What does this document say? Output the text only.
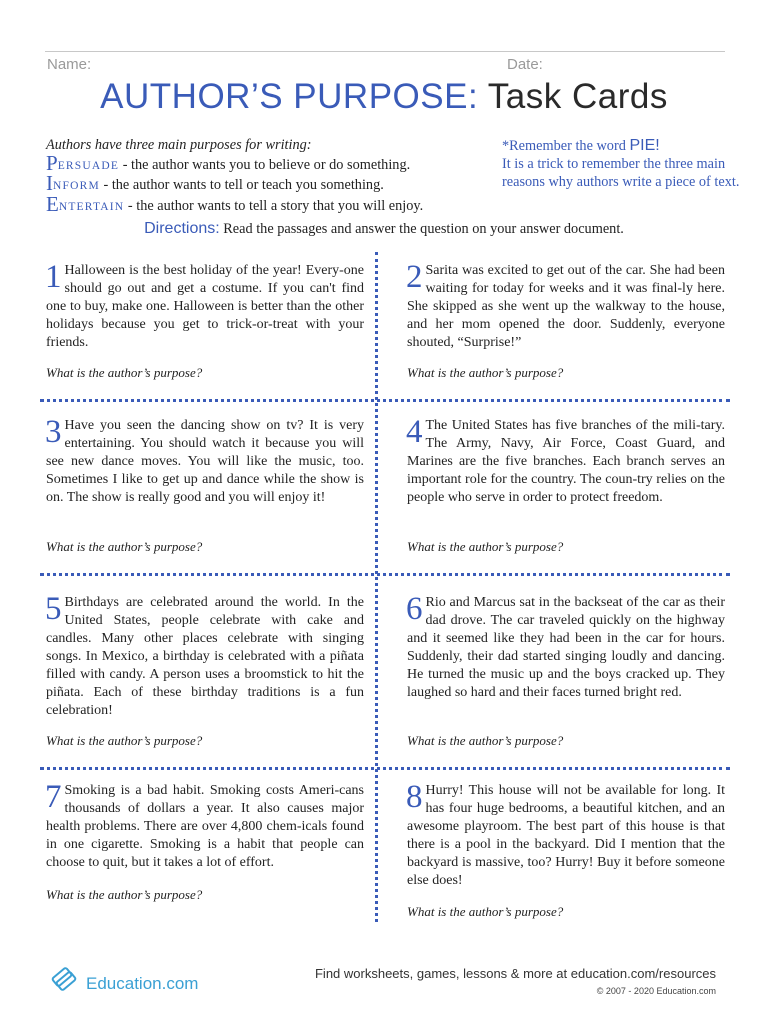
Name:	Date:
AUTHOR’S PURPOSE: Task Cards
Authors have three main purposes for writing:
PERSUADE - the author wants you to believe or do something.
INFORM - the author wants to tell or teach you something.
ENTERTAIN - the author wants to tell a story that you will enjoy.
*Remember the word PIE!
It is a trick to remember the three main reasons why authors write a piece of text.
Directions: Read the passages and answer the question on your answer document.
1 Halloween is the best holiday of the year! Every-one should go out and get a costume. If you can't find one to buy, make one. Halloween is better than the other holidays because you get to trick-or-treat with your friends.
What is the author’s purpose?
2 Sarita was excited to get out of the car. She had been waiting for today for weeks and it was final-ly here. She skipped as she went up the walkway to the house, and her mom opened the door. Suddenly, everyone shouted, “Surprise!”
What is the author’s purpose?
3 Have you seen the dancing show on tv? It is very entertaining. You should watch it because you will see new dance moves. You will like the music, too. Sometimes I like to get up and dance while the show is on. The show is really good and you will enjoy it!
What is the author’s purpose?
4 The United States has five branches of the mili-tary. The Army, Navy, Air Force, Coast Guard, and Marines are the five branches. Each branch serves an important role for the country. The coun-try relies on the people who serve in order to protect freedom.
What is the author’s purpose?
5 Birthdays are celebrated around the world. In the United States, people celebrate with cake and candles. Many other places celebrate with singing songs. In Mexico, a birthday is celebrated with a piñata filled with candy. A person uses a broomstick to hit the piñata. Each of these birthday traditions is a fun celebration!
What is the author’s purpose?
6 Rio and Marcus sat in the backseat of the car as their dad drove. The car traveled quickly on the highway and it seemed like they had been in the car for hours. Suddenly, their dad started singing loudly and dancing. He turned the music up and the boys cracked up. They laughed so hard and their faces turned bright red.
What is the author’s purpose?
7 Smoking is a bad habit. Smoking costs Ameri-cans thousands of dollars a year. It also causes major health problems. There are over 4,800 chem-icals found in one cigarette. Smoking is a habit that people can choose to quit, but it takes a lot of effort.
What is the author’s purpose?
8 Hurry! This house will not be available for long. It has four huge bedrooms, a beautiful kitchen, and an awesome playroom. The best part of this house is that there is a pool in the backyard. Did I mention that the backyard is massive, too? Hurry! Buy it before someone else does!
What is the author’s purpose?
Education.com
Find worksheets, games, lessons & more at education.com/resources
© 2007 - 2020 Education.com
